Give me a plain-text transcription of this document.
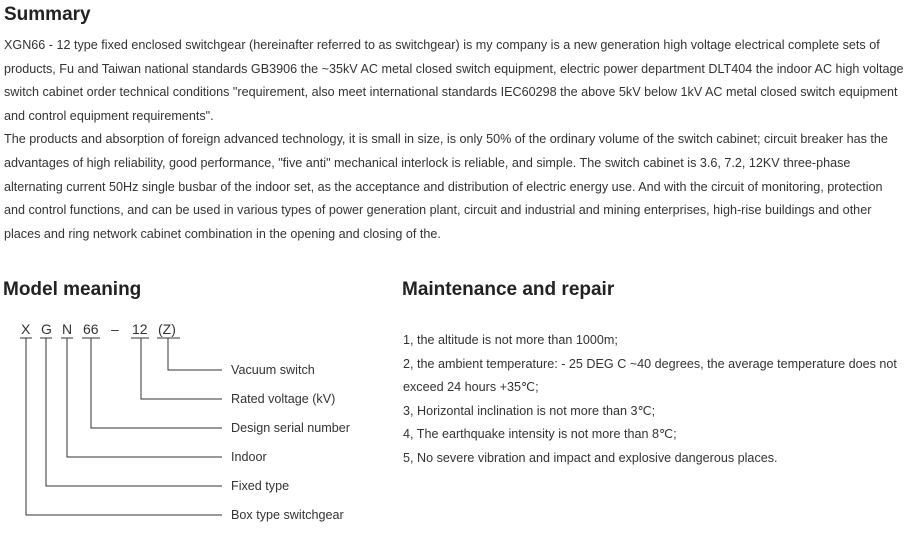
Summary

XGN66 - 12 type fixed enclosed switchgear (hereinafter referred to as switchgear) is my company is a new generation high voltage electrical complete sets of products, Fu and Taiwan national standards GB3906 the ~35kV AC metal closed switch equipment, electric power department DLT404 the indoor AC high voltage switch cabinet order technical conditions "requirement, also meet international standards IEC60298 the above 5kV below 1kV AC metal closed switch equipment and control equipment requirements".

The products and absorption of foreign advanced technology, it is small in size, is only 50% of the ordinary volume of the switch cabinet; circuit breaker has the advantages of high reliability, good performance, "five anti" mechanical interlock is reliable, and simple. The switch cabinet is 3.6, 7.2, 12KV three-phase alternating current 50Hz single busbar of the indoor set, as the acceptance and distribution of electric energy use. And with the circuit of monitoring, protection and control functions, and can be used in various types of power generation plant, circuit and industrial and mining enterprises, high-rise buildings and other places and ring network cabinet combination in the opening and closing of the.

Model meaning
X G N 66 – 12 (Z)
Vacuum switch
Rated voltage (kV)
Design serial number
Indoor
Fixed type
Box type switchgear
Maintenance and repair
1, the altitude is not more than 1000m;
2, the ambient temperature: - 25 DEG C ~40 degrees, the average temperature does not exceed 24 hours +35℃;
3, Horizontal inclination is not more than 3℃;
4, The earthquake intensity is not more than 8℃;
5, No severe vibration and impact and explosive dangerous places.
